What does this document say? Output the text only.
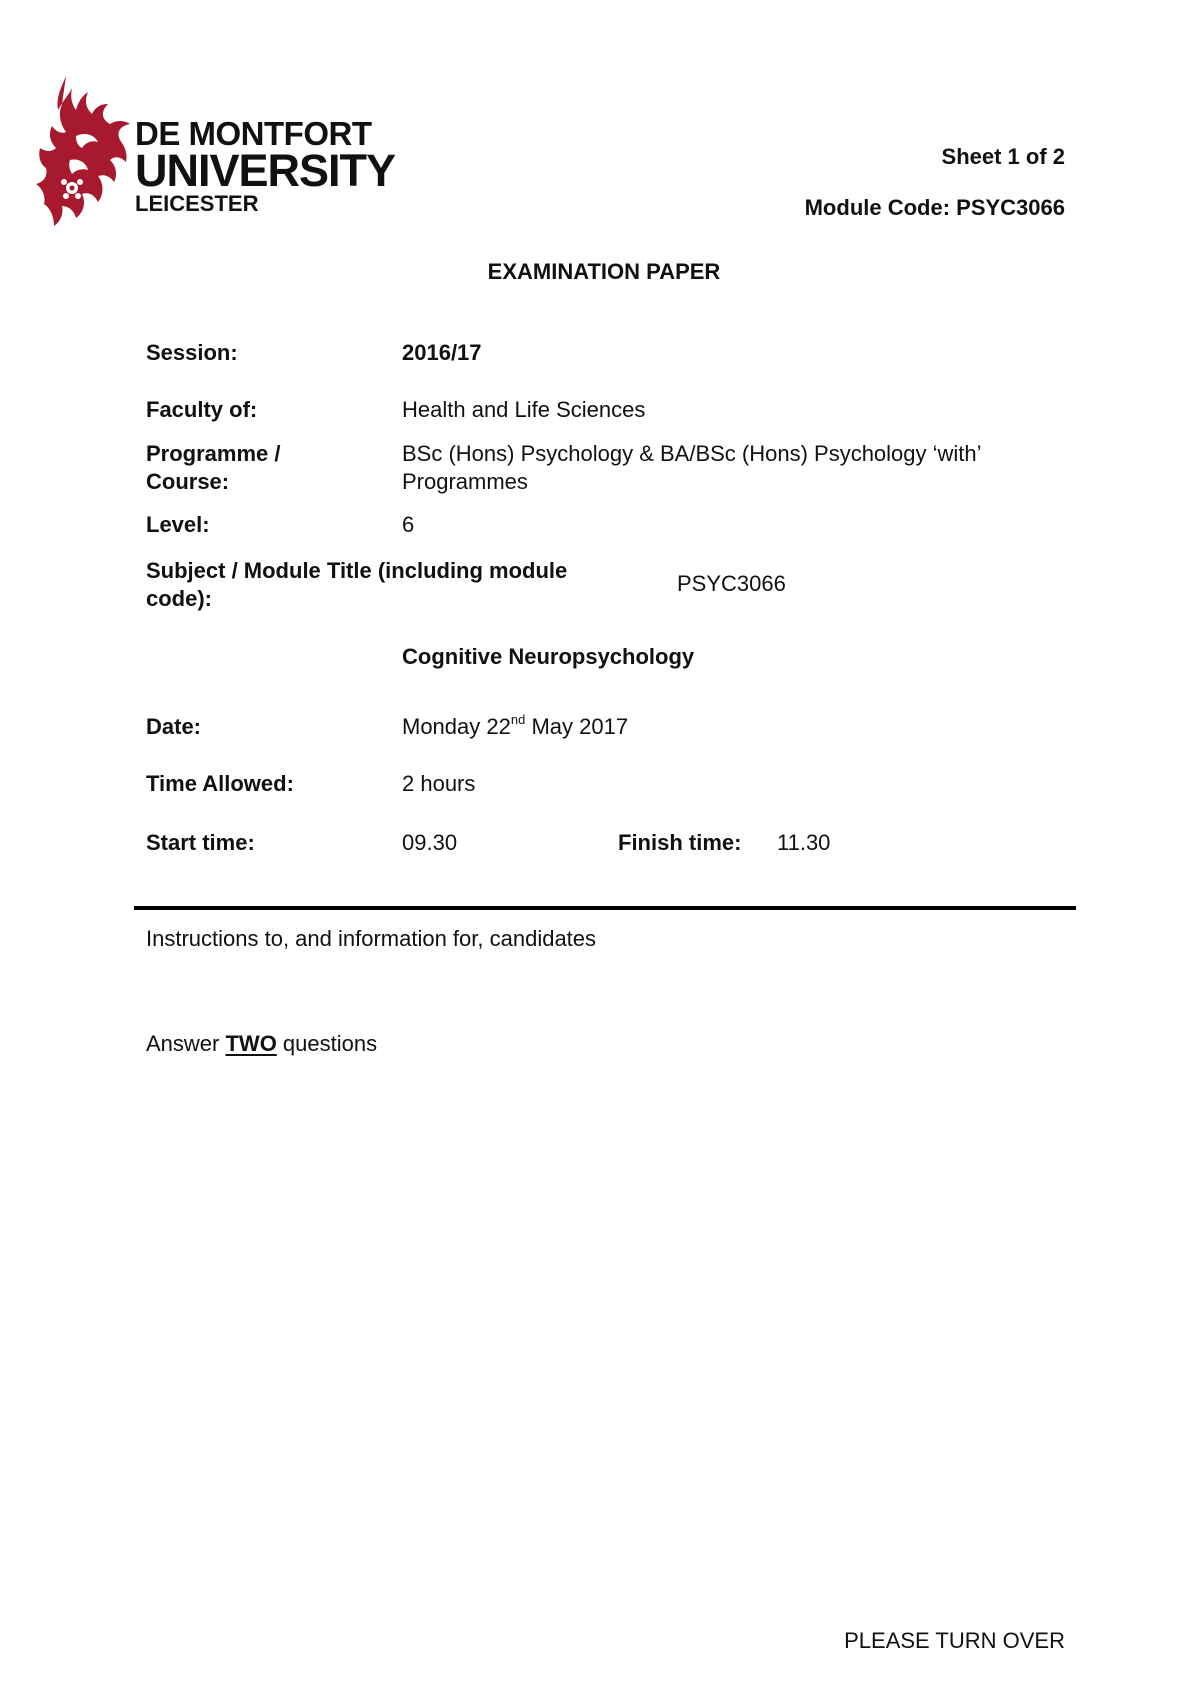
DE MONTFORT
UNIVERSITY
LEICESTER
Sheet 1 of 2
Module Code: PSYC3066
EXAMINATION PAPER
Session:	2016/17
Faculty of:	Health and Life Sciences
Programme /
Course:
BSc (Hons) Psychology & BA/BSc (Hons) Psychology ‘with’
Programmes
Level:	6
Subject / Module Title (including module
code):
PSYC3066
Cognitive Neuropsychology
Date:	Monday 22nd May 2017
Time Allowed:	2 hours
Start time:	09.30	Finish time: 11.30
Instructions to, and information for, candidates
Answer TWO questions
PLEASE TURN OVER
